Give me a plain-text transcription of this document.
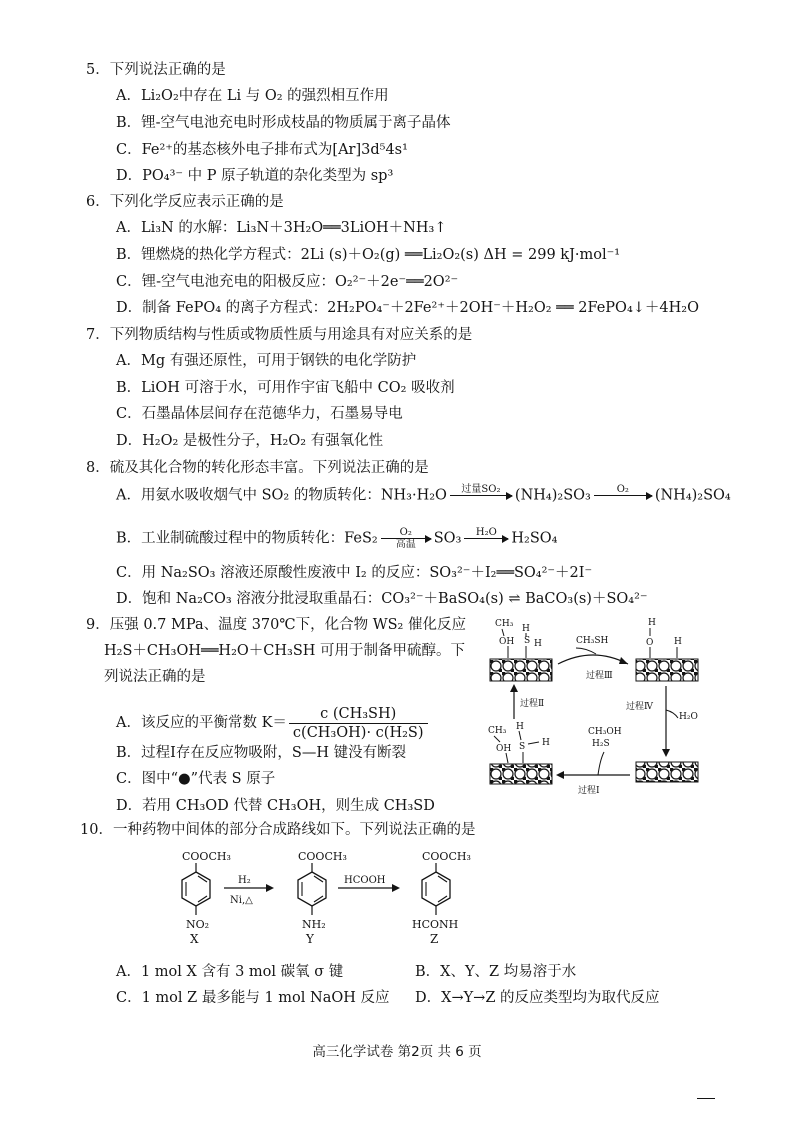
5．下列说法正确的是
A．Li₂O₂中存在 Li 与 O₂ 的强烈相互作用
B．锂-空气电池充电时形成枝晶的物质属于离子晶体
C．Fe²⁺的基态核外电子排布式为[Ar]3d⁵4s¹
D．PO₄³⁻ 中 P 原子轨道的杂化类型为 sp³
6．下列化学反应表示正确的是
A．Li₃N 的水解：Li₃N＋3H₂O══3LiOH＋NH₃↑
B．锂燃烧的热化学方程式：2Li (s)＋O₂(g) ══Li₂O₂(s) ΔH = 299 kJ·mol⁻¹
C．锂-空气电池充电的阳极反应：O₂²⁻＋2e⁻══2O²⁻
D．制备 FePO₄ 的离子方程式：2H₂PO₄⁻＋2Fe²⁺＋2OH⁻＋H₂O₂ ══ 2FePO₄↓＋4H₂O
7．下列物质结构与性质或物质性质与用途具有对应关系的是
A．Mg 有强还原性，可用于钢铁的电化学防护
B．LiOH 可溶于水，可用作宇宙飞船中 CO₂ 吸收剂
C．石墨晶体层间存在范德华力，石墨易导电
D．H₂O₂ 是极性分子，H₂O₂ 有强氧化性
8．硫及其化合物的转化形态丰富。下列说法正确的是
A．用氨水吸收烟气中 SO₂ 的物质转化：NH₃·H₂O	过量SO₂
(NH₄)₂SO₃	O₂
	(NH₄)₂SO₄
B．工业制硫酸过程中的物质转化：FeS₂	O₂
高温	SO₃	H₂O
	H₂SO₄
C．用 Na₂SO₃ 溶液还原酸性废液中 I₂ 的反应：SO₃²⁻＋I₂══SO₄²⁻＋2I⁻
D．饱和 Na₂CO₃ 溶液分批浸取重晶石：CO₃²⁻＋BaSO₄(s) ⇌ BaCO₃(s)＋SO₄²⁻
9．压强 0.7 MPa、温度 370℃下，化合物 WS₂ 催化反应
H₂S＋CH₃OH══H₂O＋CH₃SH 可用于制备甲硫醇。下
列说法正确的是
A．该反应的平衡常数 $K= \frac{\text{c (CH₃SH)}}{\text{c(CH₃OH)· c(H₂S)}}$
B．过程Ⅰ存在反应物吸附，S—H 键没有断裂
C．图中“●”代表 S 原子
D．若用 CH₃OD 代替 CH₃OH，则生成 CH₃SD
CH₃
OH S
H
H
H
O H
CH₃
OH
H
S H
CH₃SH
过程Ⅲ
H₂O
过程Ⅳ
CH₃OH
H₂S
过程Ⅰ
过程Ⅱ
10．一种药物中间体的部分合成路线如下。下列说法正确的是
COOCH₃
NO₂
X
H₂
Ni,△
COOCH₃
NH₂
Y
HCOOH
COOCH₃
HCONH
Z
A．1 mol X 含有 3 mol 碳氧 σ 键	B．X、Y、Z 均易溶于水
C．1 mol Z 最多能与 1 mol NaOH 反应 D．X→Y→Z 的反应类型均为取代反应
高三化学试卷 第2页 共 6 页
